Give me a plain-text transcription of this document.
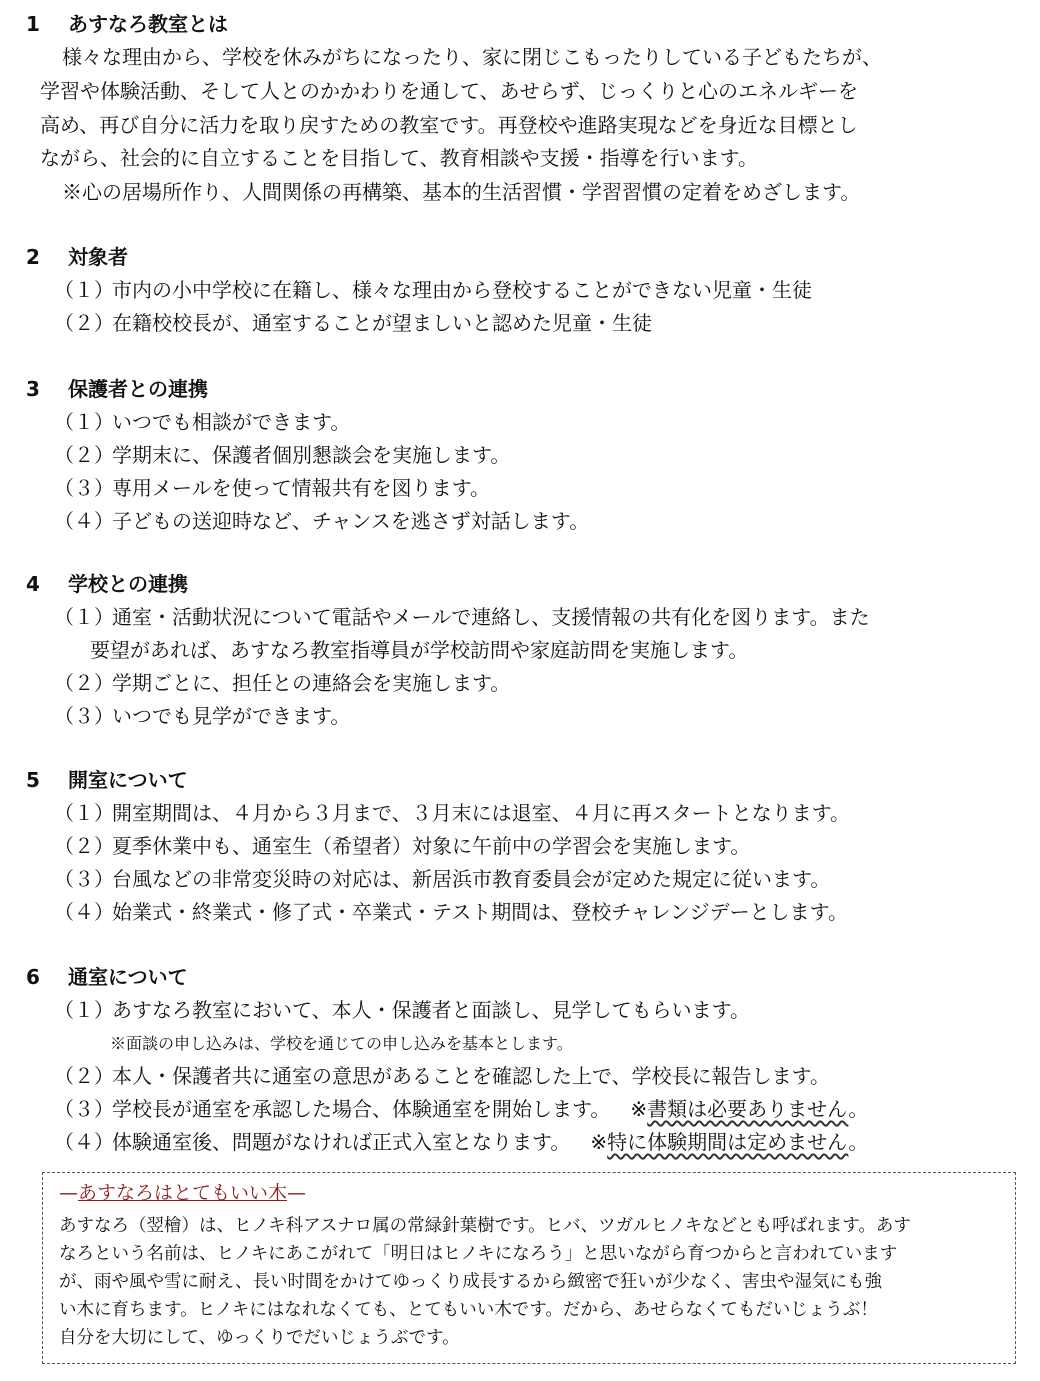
1 あすなろ教室とは
様々な理由から、学校を休みがちになったり、家に閉じこもったりしている子どもたちが、
学習や体験活動、そして人とのかかわりを通して、あせらず、じっくりと心のエネルギーを
高め、再び自分に活力を取り戻すための教室です。再登校や進路実現などを身近な目標とし
ながら、社会的に自立することを目指して、教育相談や支援・指導を行います。
※心の居場所作り、人間関係の再構築、基本的生活習慣・学習習慣の定着をめざします。
2 対象者
（１）市内の小中学校に在籍し、様々な理由から登校することができない児童・生徒
（２）在籍校校長が、通室することが望ましいと認めた児童・生徒
3 保護者との連携
（１）いつでも相談ができます。
（２）学期末に、保護者個別懇談会を実施します。
（３）専用メールを使って情報共有を図ります。
（４）子どもの送迎時など、チャンスを逃さず対話します。
4 学校との連携
（１）通室・活動状況について電話やメールで連絡し、支援情報の共有化を図ります。また
要望があれば、あすなろ教室指導員が学校訪問や家庭訪問を実施します。
（２）学期ごとに、担任との連絡会を実施します。
（３）いつでも見学ができます。
5 開室について
（１）開室期間は、４月から３月まで、３月末には退室、４月に再スタートとなります。
（２）夏季休業中も、通室生（希望者）対象に午前中の学習会を実施します。
（３）台風などの非常変災時の対応は、新居浜市教育委員会が定めた規定に従います。
（４）始業式・終業式・修了式・卒業式・テスト期間は、登校チャレンジデーとします。
6 通室について
（１）あすなろ教室において、本人・保護者と面談し、見学してもらいます。
※面談の申し込みは、学校を通じての申し込みを基本とします。
（２）本人・保護者共に通室の意思があることを確認した上で、学校長に報告します。
（３）学校長が通室を承認した場合、体験通室を開始します。 ※書類は必要ありません。
（４）体験通室後、問題がなければ正式入室となります。 ※特に体験期間は定めません。
—あすなろはとてもいい木—
あすなろ（翌檜）は、ヒノキ科アスナロ属の常緑針葉樹です。ヒバ、ツガルヒノキなどとも呼ばれます。あす
なろという名前は、ヒノキにあこがれて「明日はヒノキになろう」と思いながら育つからと言われています
が、雨や風や雪に耐え、長い时間をかけてゆっくり成長するから緻密で狂いが少なく、害虫や湿気にも強
い木に育ちます。ヒノキにはなれなくても、とてもいい木です。だから、あせらなくてもだいじょうぶ！
自分を大切にして、ゆっくりでだいじょうぶです。
